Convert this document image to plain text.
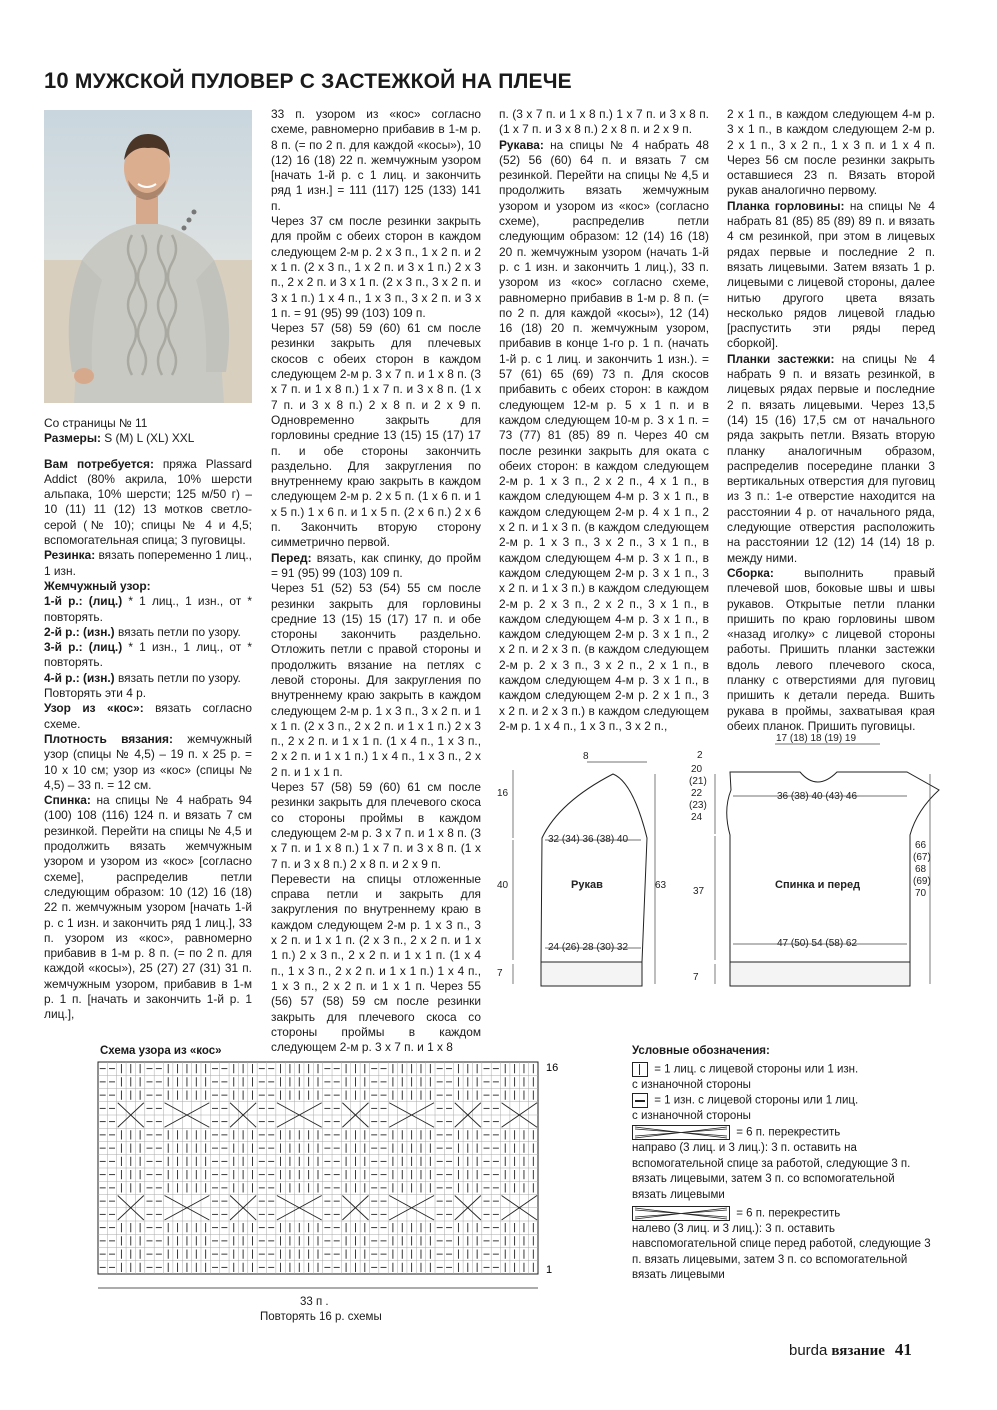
10 МУЖСКОЙ ПУЛОВЕР С ЗАСТЕЖКОЙ НА ПЛЕЧЕ

Со страницы № 11

Размеры: S (M) L (XL) XXL

Вам потребуется: пряжа Plassard Addict (80% акрила, 10% шерсти альпака, 10% шерсти; 125 м/50 г) – 10 (11) 11 (12) 13 мотков светло-серой (№ 10); спицы № 4 и 4,5; вспомогательная спица; 3 пуговицы.

Резинка: вязать попеременно 1 лиц., 1 изн.

Жемчужный узор:

1-й р.: (лиц.) * 1 лиц., 1 изн., от * повторять.

2-й р.: (изн.) вязать петли по узору.

3-й р.: (лиц.) * 1 изн., 1 лиц., от * повторять.

4-й р.: (изн.) вязать петли по узору.

Повторять эти 4 р.

Узор из «кос»: вязать согласно схеме.

Плотность вязания: жемчужный узор (спицы № 4,5) – 19 п. x 25 р. = 10 x 10 см; узор из «кос» (спицы № 4,5) – 33 п. = 12 см.

Спинка: на спицы № 4 набрать 94 (100) 108 (116) 124 п. и вязать 7 см резинкой. Перейти на спицы № 4,5 и продолжить вязать жемчужным узором и узором из «кос» [согласно схеме], распределив петли следующим образом: 10 (12) 16 (18) 22 п. жемчужным узором [начать 1-й р. с 1 изн. и закончить ряд 1 лиц.], 33 п. узором из «кос», равномерно прибавив в 1-м р. 8 п. (= по 2 п. для каждой «косы»), 25 (27) 27 (31) 31 п. жемчужным узором, прибавив в 1-м р. 1 п. [начать и закончить 1-й р. 1 лиц.],

33 п. узором из «кос» согласно схеме, равномерно прибавив в 1-м р. 8 п. (= по 2 п. для каждой «косы»), 10 (12) 16 (18) 22 п. жемчужным узором [начать 1-й р. с 1 лиц. и закончить ряд 1 изн.] = 111 (117) 125 (133) 141 п.

Через 37 см после резинки закрыть для пройм с обеих сторон в каждом следующем 2-м р. 2 x 3 п., 1 x 2 п. и 2 x 1 п. (2 x 3 п., 1 x 2 п. и 3 x 1 п.) 2 x 3 п., 2 x 2 п. и 3 x 1 п. (2 x 3 п., 3 x 2 п. и 3 x 1 п.) 1 x 4 п., 1 x 3 п., 3 x 2 п. и 3 x 1 п. = 91 (95) 99 (103) 109 п.

Через 57 (58) 59 (60) 61 см после резинки закрыть для плечевых скосов с обеих сторон в каждом следующем 2-м р. 3 x 7 п. и 1 x 8 п. (3 x 7 п. и 1 x 8 п.) 1 x 7 п. и 3 x 8 п. (1 x 7 п. и 3 x 8 п.) 2 x 8 п. и 2 x 9 п. Одновременно закрыть для горловины средние 13 (15) 15 (17) 17 п. и обе стороны закончить раздельно. Для закругления по внутреннему краю закрыть в каждом следующем 2-м р. 2 x 5 п. (1 x 6 п. и 1 x 5 п.) 1 x 6 п. и 1 x 5 п. (2 x 6 п.) 2 x 6 п. Закончить вторую сторону симметрично первой.

Перед: вязать, как спинку, до пройм = 91 (95) 99 (103) 109 п.

Через 51 (52) 53 (54) 55 см после резинки закрыть для горловины средние 13 (15) 15 (17) 17 п. и обе стороны закончить раздельно. Отложить петли с правой стороны и продолжить вязание на петлях с левой стороны. Для закругления по внутреннему краю закрыть в каждом следующем 2-м р. 1 x 3 п., 3 x 2 п. и 1 x 1 п. (2 x 3 п., 2 x 2 п. и 1 x 1 п.) 2 x 3 п., 2 x 2 п. и 1 x 1 п. (1 x 4 п., 1 x 3 п., 2 x 2 п. и 1 x 1 п.) 1 x 4 п., 1 x 3 п., 2 x 2 п. и 1 x 1 п.

Через 57 (58) 59 (60) 61 см после резинки закрыть для плечевого скоса со стороны проймы в каждом следующем 2-м р. 3 x 7 п. и 1 x 8 п. (3 x 7 п. и 1 x 8 п.) 1 x 7 п. и 3 x 8 п. (1 x 7 п. и 3 x 8 п.) 2 x 8 п. и 2 x 9 п.

Перевести на спицы отложенные справа петли и закрыть для закругления по внутреннему краю в каждом следующем 2-м р. 1 x 3 п., 3 x 2 п. и 1 x 1 п. (2 x 3 п., 2 x 2 п. и 1 x 1 п.) 2 x 3 п., 2 x 2 п. и 1 x 1 п. (1 x 4 п., 1 x 3 п., 2 x 2 п. и 1 x 1 п.) 1 x 4 п., 1 x 3 п., 2 x 2 п. и 1 x 1 п. Через 55 (56) 57 (58) 59 см после резинки закрыть для плечевого скоса со стороны проймы в каждом следующем 2-м р. 3 x 7 п. и 1 x 8

п. (3 x 7 п. и 1 x 8 п.) 1 x 7 п. и 3 x 8 п. (1 x 7 п. и 3 x 8 п.) 2 x 8 п. и 2 x 9 п.

Рукава: на спицы № 4 набрать 48 (52) 56 (60) 64 п. и вязать 7 см резинкой. Перейти на спицы № 4,5 и продолжить вязать жемчужным узором и узором из «кос» (согласно схеме), распределив петли следующим образом: 12 (14) 16 (18) 20 п. жемчужным узором (начать 1-й р. с 1 изн. и закончить 1 лиц.), 33 п. узором из «кос» согласно схеме, равномерно прибавив в 1-м р. 8 п. (= по 2 п. для каждой «косы»), 12 (14) 16 (18) 20 п. жемчужным узором, прибавив в конце 1-го р. 1 п. (начать 1-й р. с 1 лиц. и закончить 1 изн.). = 57 (61) 65 (69) 73 п. Для скосов прибавить с обеих сторон: в каждом следующем 12-м р. 5 x 1 п. и в каждом следующем 10-м р. 3 x 1 п. = 73 (77) 81 (85) 89 п. Через 40 см после резинки закрыть для оката с обеих сторон: в каждом следующем 2-м р. 1 x 3 п., 2 x 2 п., 4 x 1 п., в каждом следующем 4-м р. 3 x 1 п., в каждом следующем 2-м р. 4 x 1 п., 2 x 2 п. и 1 x 3 п. (в каждом следующем 2-м р. 1 x 3 п., 3 x 2 п., 3 x 1 п., в каждом следующем 4-м р. 3 x 1 п., в каждом следующем 2-м р. 3 x 1 п., 3 x 2 п. и 1 x 3 п.) в каждом следующем 2-м р. 2 x 3 п., 2 x 2 п., 3 x 1 п., в каждом следующем 4-м р. 3 x 1 п., в каждом следующем 2-м р. 3 x 1 п., 2 x 2 п. и 2 x 3 п. (в каждом следующем 2-м р. 2 x 3 п., 3 x 2 п., 2 x 1 п., в каждом следующем 4-м р. 3 x 1 п., в каждом следующем 2-м р. 2 x 1 п., 3 x 2 п. и 2 x 3 п.) в каждом следующем 2-м р. 1 x 4 п., 1 x 3 п., 3 x 2 п.,

2 x 1 п., в каждом следующем 4-м р. 3 x 1 п., в каждом следующем 2-м р. 2 x 1 п., 3 x 2 п., 1 x 3 п. и 1 x 4 п. Через 56 см после резинки закрыть оставшиеся 23 п. Вязать второй рукав аналогично первому.

Планка горловины: на спицы № 4 набрать 81 (85) 85 (89) 89 п. и вязать 4 см резинкой, при этом в лицевых рядах первые и последние 2 п. вязать лицевыми. Затем вязать 1 р. лицевыми с лицевой стороны, далее нитью другого цвета вязать несколько рядов лицевой гладью [распустить эти ряды перед сборкой].

Планки застежки: на спицы № 4 набрать 9 п. и вязать резинкой, в лицевых рядах первые и последние 2 п. вязать лицевыми. Через 13,5 (14) 15 (16) 17,5 см от начального ряда закрыть петли. Вязать вторую планку аналогичным образом, распределив посередине планки 3 вертикальных отверстия для пуговиц из 3 п.: 1-е отверстие находится на расстоянии 4 р. от начального ряда, следующие отверстия расположить на расстоянии 12 (12) 14 (14) 18 р. между ними.

Сборка: выполнить правый плечевой шов, боковые швы и швы рукавов. Открытые петли планки пришить по краю горловины швом «назад иголку» с лицевой стороны работы. Пришить планки застежки вдоль левого плечевого скоса, планку с отверстиями для пуговиц пришить к детали переда. Вшить рукава в проймы, захватывая края обеих планок. Пришить пуговицы.

8
16
40	63
32 (34) 36 (38) 40
24 (26) 28 (30) 32
7
Рукав
17 (18) 18 (19) 19
2
20
(21)
22
(23)
24
36 (38) 40 (43) 46
37
66
(67)
68
(69)
70
47 (50) 54 (58) 62
7
Спинка и перед
Схема узора из «кос»
16
1
33 п .
Повторять 16 р. схемы
Условные обозначения:
= 1 лиц. с лицевой стороны или 1 изн.
с изнаночной стороны
= 1 изн. с лицевой стороны или 1 лиц.
с изнаночной стороны
= 6 п. перекрестить
направо (3 лиц. и 3 лиц.): 3 п. оставить на вспомогательной спице за работой, следующие 3 п. вязать лицевыми, затем 3 п. со вспомогательной вязать лицевыми
= 6 п. перекрестить
налево (3 лиц. и 3 лиц.): 3 п. оставить навспомогательной спице перед работой, следующие 3 п. вязать лицевыми, затем 3 п. со вспомогательной вязать лицевыми
burda вязание 41
